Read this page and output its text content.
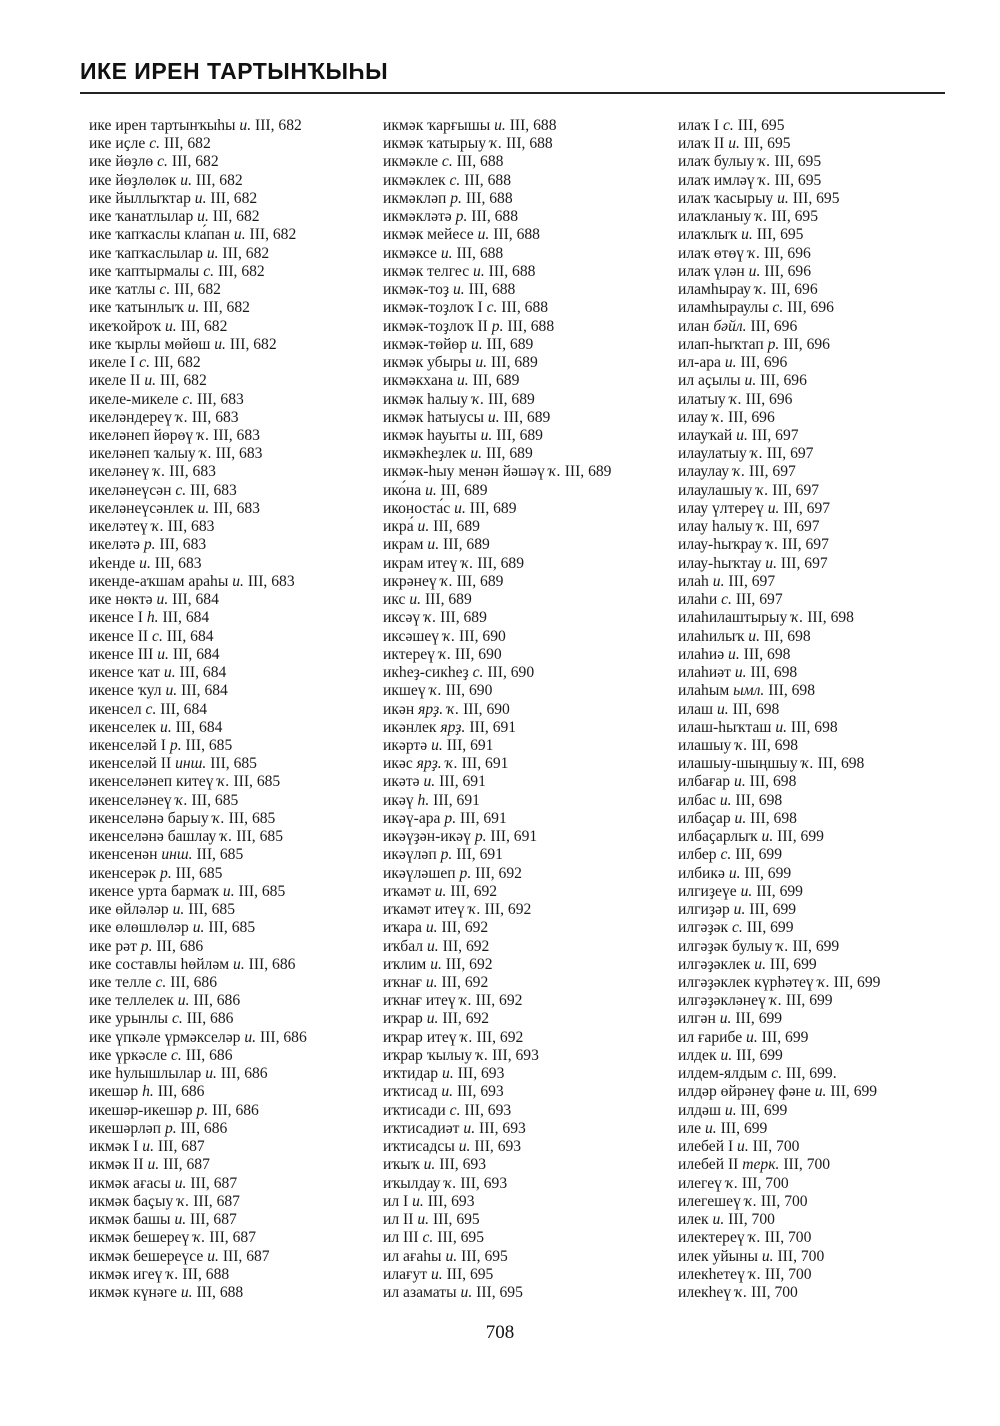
ИКЕ ИРЕН ТАРТЫНҠЫҺЫ
ике ирен тартынҡыһы и. III, 682
ике иҫле с. III, 682
ике йөҙлө с. III, 682
ике йөҙлөлөк и. III, 682
ике йыллыҡтар и. III, 682
ике ҡанатлылар и. III, 682
ике ҡапҡаслы кла́пан и. III, 682
ике ҡапҡаслылар и. III, 682
ике ҡаптырмалы с. III, 682
ике ҡатлы с. III, 682
ике ҡатынлыҡ и. III, 682
икеҡойроҡ и. III, 682
ике ҡырлы мөйөш и. III, 682
икеле I с. III, 682
икеле II и. III, 682
икеле-микеле с. III, 683
икеләндереү ҡ. III, 683
икеләнеп йөрөү ҡ. III, 683
икеләнеп ҡалыу ҡ. III, 683
икеләнеү ҡ. III, 683
икеләнеүсән с. III, 683
икеләнеүсәнлек и. III, 683
икеләтеү ҡ. III, 683
икеләтә р. III, 683
иkенде и. III, 683
икенде-аҡшам араһы и. III, 683
ике нөктә и. III, 684
икенсе I һ. III, 684
икенсе II с. III, 684
икенсе III и. III, 684
икенсе ҡат и. III, 684
икенсе ҡул и. III, 684
икенсел с. III, 684
икенселек и. III, 684
икенселәй I р. III, 685
икенселәй II инш. III, 685
икенселәнеп китеү ҡ. III, 685
икенселәнеү ҡ. III, 685
икенселәнә барыу ҡ. III, 685
икенселәнә башлау ҡ. III, 685
икенсенән инш. III, 685
икенсерәк р. III, 685
икенсе урта бармаҡ и. III, 685
ике өйләләр и. III, 685
ике өлөшлөләр и. III, 685
ике рәт р. III, 686
ике составлы һөйләм и. III, 686
ике телле с. III, 686
ике теллелек и. III, 686
ике урынлы с. III, 686
ике үпкәле үрмәкселәр и. III, 686
ике үркәсле с. III, 686
ике һулышлылар и. III, 686
икешәр һ. III, 686
икешәр-икешәр р. III, 686
икешәрләп р. III, 686
икмәк I и. III, 687
икмәк II и. III, 687
икмәк ағасы и. III, 687
икмәк баҫыу ҡ. III, 687
икмәк башы и. III, 687
икмәк бешереү ҡ. III, 687
икмәк бешереүсе и. III, 687
икмәк игеү ҡ. III, 688
икмәк күнәге и. III, 688
икмәк ҡарғышы и. III, 688
икмәк ҡатырыу ҡ. III, 688
икмәкле с. III, 688
икмәклек с. III, 688
икмәкләп р. III, 688
икмәкләтә р. III, 688
икмәк мейесе и. III, 688
икмәксе и. III, 688
икмәк телгес и. III, 688
икмәк-тоҙ и. III, 688
икмәк-тоҙлоҡ I с. III, 688
икмәк-тоҙлоҡ II р. III, 688
икмәк-төйөр и. III, 689
икмәк убыры и. III, 689
икмәкхана и. III, 689
икмәк һалыу ҡ. III, 689
икмәк һатыусы и. III, 689
икмәк һауыты и. III, 689
икмәкһеҙлек и. III, 689
икмәк-һыу менән йәшәү ҡ. III, 689
ико́на и. III, 689
иконоста́с и. III, 689
икра́ и. III, 689
икрам и. III, 689
икрам итеү ҡ. III, 689
икрәнеү ҡ. III, 689
икс и. III, 689
иксәү ҡ. III, 689
иксәшеү ҡ. III, 690
иктереү ҡ. III, 690
икһеҙ-сикһеҙ с. III, 690
икшеү ҡ. III, 690
икән ярҙ. ҡ. III, 690
икәнлек ярҙ. III, 691
икәртә и. III, 691
икәс ярҙ. ҡ. III, 691
икәтә и. III, 691
икәү һ. III, 691
икәү-ара р. III, 691
икәүҙән-икәү р. III, 691
икәүләп р. III, 691
икәүләшеп р. III, 692
иҡамәт и. III, 692
иҡамәт итеү ҡ. III, 692
иҡара и. III, 692
иҡбал и. III, 692
иҡлим и. III, 692
иҡнағ и. III, 692
иҡнағ итеү ҡ. III, 692
иҡрар и. III, 692
иҡрар итеү ҡ. III, 692
иҡрар ҡылыу ҡ. III, 693
иҡтидар и. III, 693
иҡтисад и. III, 693
иҡтисади с. III, 693
иҡтисадиәт и. III, 693
иҡтисадсы и. III, 693
иҡыҡ и. III, 693
иҡылдау ҡ. III, 693
ил I и. III, 693
ил II и. III, 695
ил III с. III, 695
ил ағаһы и. III, 695
илағут и. III, 695
ил азаматы и. III, 695
илаҡ I с. III, 695
илаҡ II и. III, 695
илаҡ булыу ҡ. III, 695
илаҡ имләү ҡ. III, 695
илаҡ ҡасырыу и. III, 695
илаҡланыу ҡ. III, 695
илаҡлыҡ и. III, 695
илаҡ өтөү ҡ. III, 696
илаҡ үлән и. III, 696
иламһырау ҡ. III, 696
иламһыраулы с. III, 696
илан бәйл. III, 696
илап-һыҡтап р. III, 696
ил-ара и. III, 696
ил аҫылы и. III, 696
илатыу ҡ. III, 696
илау ҡ. III, 696
илауҡай и. III, 697
илаулатыу ҡ. III, 697
илаулау ҡ. III, 697
илаулашыу ҡ. III, 697
илау үлтереү и. III, 697
илау һалыу ҡ. III, 697
илау-һыҡрау ҡ. III, 697
илау-һыҡтау и. III, 697
илаһ и. III, 697
илаһи с. III, 697
илаһилаштырыу ҡ. III, 698
илаһилыҡ и. III, 698
илаһиә и. III, 698
илаһиәт и. III, 698
илаһым ымл. III, 698
илаш и. III, 698
илаш-һыҡташ и. III, 698
илашыу ҡ. III, 698
илашыу-шыңшыу ҡ. III, 698
илбағар и. III, 698
илбас и. III, 698
илбаҫар и. III, 698
илбаҫарлыҡ и. III, 699
илбер с. III, 699
илбикә и. III, 699
илгиҙеүе и. III, 699
илгиҙәр и. III, 699
илгәҙәк с. III, 699
илгәҙәк булыу ҡ. III, 699
илгәҙәклек и. III, 699
илгәҙәклек күрһәтеү ҡ. III, 699
илгәҙәкләнеү ҡ. III, 699
илгән и. III, 699
ил ғарибе и. III, 699
илдек и. III, 699
илдем-ялдым с. III, 699.
илдәр өйрәнеү фәне и. III, 699
илдәш и. III, 699
иле и. III, 699
илебей I и. III, 700
илебей II терк. III, 700
илегеү ҡ. III, 700
илегешеү ҡ. III, 700
илек и. III, 700
илектереү ҡ. III, 700
илек уйыны и. III, 700
илекһетеү ҡ. III, 700
илекһеү ҡ. III, 700
708
